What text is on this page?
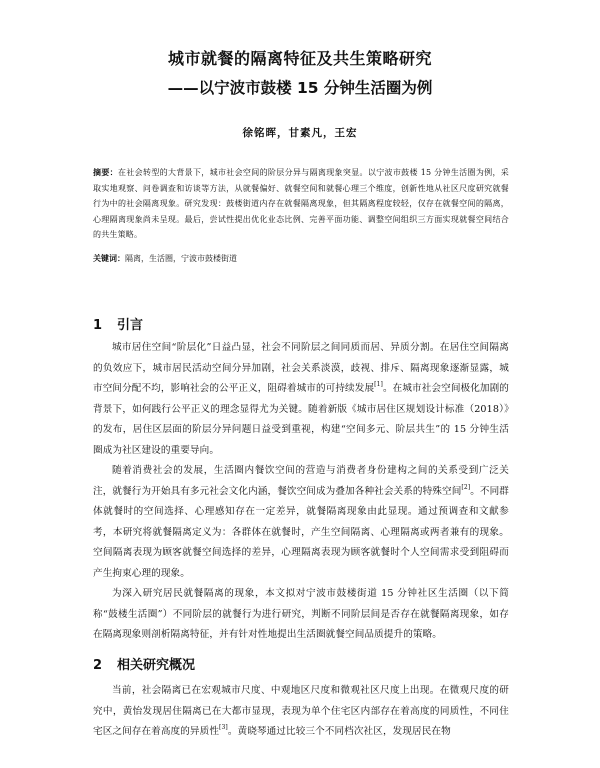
城市就餐的隔离特征及共生策略研究
——以宁波市鼓楼 15 分钟生活圈为例
徐铭晖，甘素凡，王宏
摘要：在社会转型的大背景下，城市社会空间的阶层分异与隔离现象突显。以宁波市鼓楼 15 分钟生活圈为例，采取实地观察、问卷调查和访谈等方法，从就餐偏好、就餐空间和就餐心理三个维度，创新性地从社区尺度研究就餐行为中的社会隔离现象。研究发现：鼓楼街道内存在就餐隔离现象，但其隔离程度较轻，仅存在就餐空间的隔离，心理隔离现象尚未呈现。最后，尝试性提出优化业态比例、完善平面功能、调整空间组织三方面实现就餐空间结合的共生策略。
关键词：隔离，生活圈，宁波市鼓楼街道
1 引言
城市居住空间“阶层化”日益凸显，社会不同阶层之间同质而居、异质分割。在居住空间隔离的负效应下，城市居民活动空间分异加剧，社会关系淡漠，歧视、排斥、隔离现象逐渐显露，城市空间分配不均，影响社会的公平正义，阻碍着城市的可持续发展[1]。在城市社会空间极化加剧的背景下，如何践行公平正义的理念显得尤为关键。随着新版《城市居住区规划设计标准（2018）》的发布，居住区层面的阶层分异问题日益受到重视，构建“空间多元、阶层共生”的 15 分钟生活圈成为社区建设的重要导向。
随着消费社会的发展，生活圈内餐饮空间的营造与消费者身份建构之间的关系受到广泛关注，就餐行为开始具有多元社会文化内涵，餐饮空间成为叠加各种社会关系的特殊空间[2]。不同群体就餐时的空间选择、心理感知存在一定差异，就餐隔离现象由此显现。通过预调查和文献参考，本研究将就餐隔离定义为：各群体在就餐时，产生空间隔离、心理隔离或两者兼有的现象。空间隔离表现为顾客就餐空间选择的差异，心理隔离表现为顾客就餐时个人空间需求受到阻碍而产生拘束心理的现象。
为深入研究居民就餐隔离的现象，本文拟对宁波市鼓楼街道 15 分钟社区生活圈（以下简称“鼓楼生活圈”）不同阶层的就餐行为进行研究，判断不同阶层间是否存在就餐隔离现象，如存在隔离现象则剖析隔离特征，并有针对性地提出生活圈就餐空间品质提升的策略。
2 相关研究概况
当前，社会隔离已在宏观城市尺度、中观地区尺度和微观社区尺度上出现。在微观尺度的研究中，黄怡发现居住隔离已在大都市显现，表现为单个住宅区内部存在着高度的同质性，不同住宅区之间存在着高度的异质性[3]。黄晓琴通过比较三个不同档次社区，发现居民在物
